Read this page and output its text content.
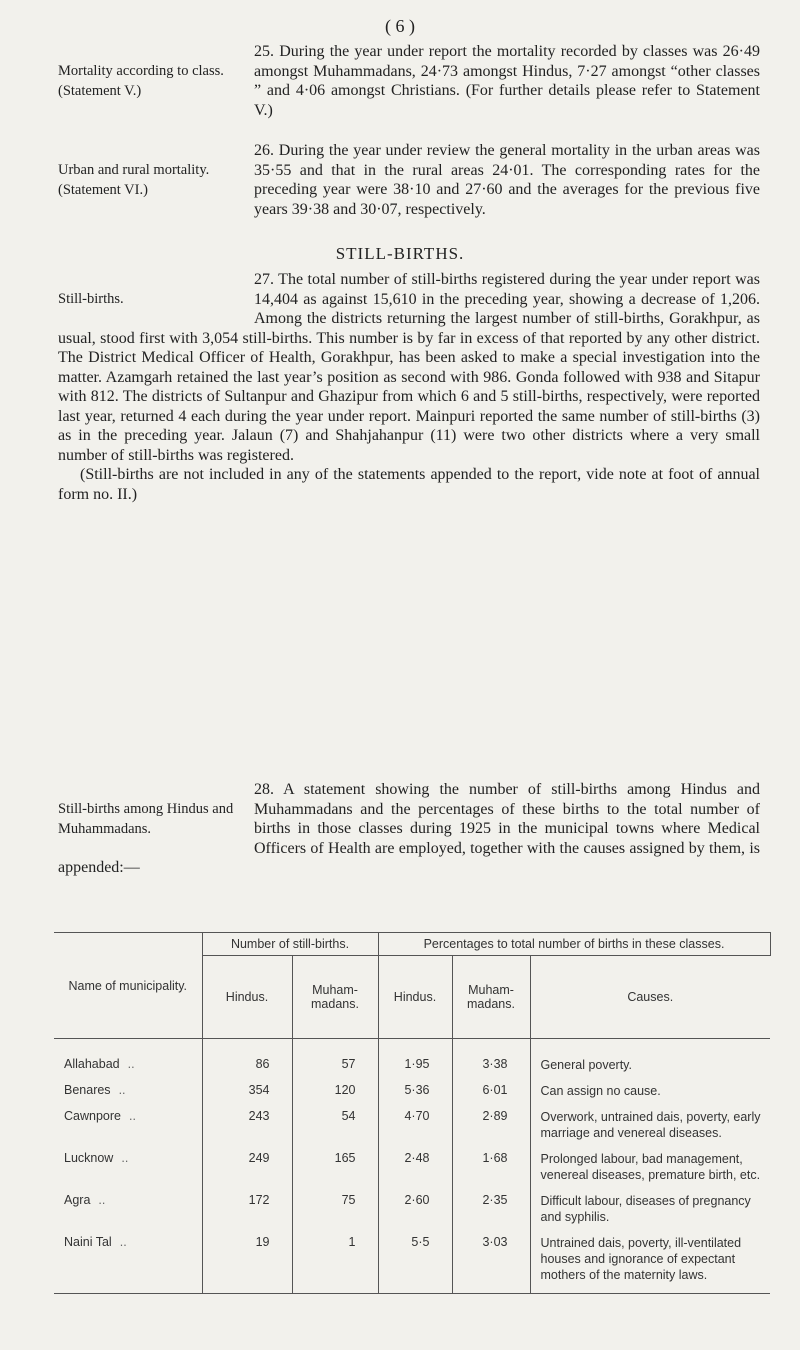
( 6 )
Mortality according to class. (Statement V.)
25. During the year under report the mortality recorded by classes was 26·49 amongst Muhammadans, 24·73 amongst Hindus, 7·27 amongst “other classes ” and 4·06 amongst Christians. (For further details please refer to Statement V.)
Urban and rural mortality. (Statement VI.)
26. During the year under review the general mortality in the urban areas was 35·55 and that in the rural areas 24·01. The corresponding rates for the preceding year were 38·10 and 27·60 and the averages for the previous five years 39·38 and 30·07, respectively.
STILL-BIRTHS.
Still-births.
27. The total number of still-births registered during the year under report was 14,404 as against 15,610 in the preceding year, showing a decrease of 1,206. Among the districts returning the largest number of still-births, Gorakhpur, as usual, stood first with 3,054 still-births. This number is by far in excess of that reported by any other district. The District Medical Officer of Health, Gorakhpur, has been asked to make a special investigation into the matter. Azamgarh retained the last year’s position as second with 986. Gonda followed with 938 and Sitapur with 812. The districts of Sultanpur and Ghazipur from which 6 and 5 still-births, respectively, were reported last year, returned 4 each during the year under report. Mainpuri reported the same number of still-births (3) as in the preceding year. Jalaun (7) and Shahjahanpur (11) were two other districts where a very small number of still-births was registered.
(Still-births are not included in any of the statements appended to the report, vide note at foot of annual form no. II.)
Still-births among Hindus and Muhammadans.
28. A statement showing the number of still-births among Hindus and Muhammadans and the percentages of these births to the total number of births in those classes during 1925 in the municipal towns where Medical Officers of Health are employed, together with the causes assigned by them, is appended:—
Name of municipality.	Number of still-births.		Percentages to total number of births in these classes.		
	Hindus.	Muham-madans.	Hindus.	Muham-madans.	Causes.
Allahabad ..	86	57	1·95	3·38	General poverty.
Benares ..	354	120	5·36	6·01	Can assign no cause.
Cawnpore ..	243	54	4·70	2·89	Overwork, untrained dais, poverty, early marriage and venereal diseases.
Lucknow ..	249	165	2·48	1·68	Prolonged labour, bad management, venereal diseases, premature birth, etc.
Agra ..	172	75	2·60	2·35	Difficult labour, diseases of pregnancy and syphilis.
Naini Tal ..	19	1	5·5	3·03	Untrained dais, poverty, ill-ventilated houses and ignorance of expectant mothers of the maternity laws.
